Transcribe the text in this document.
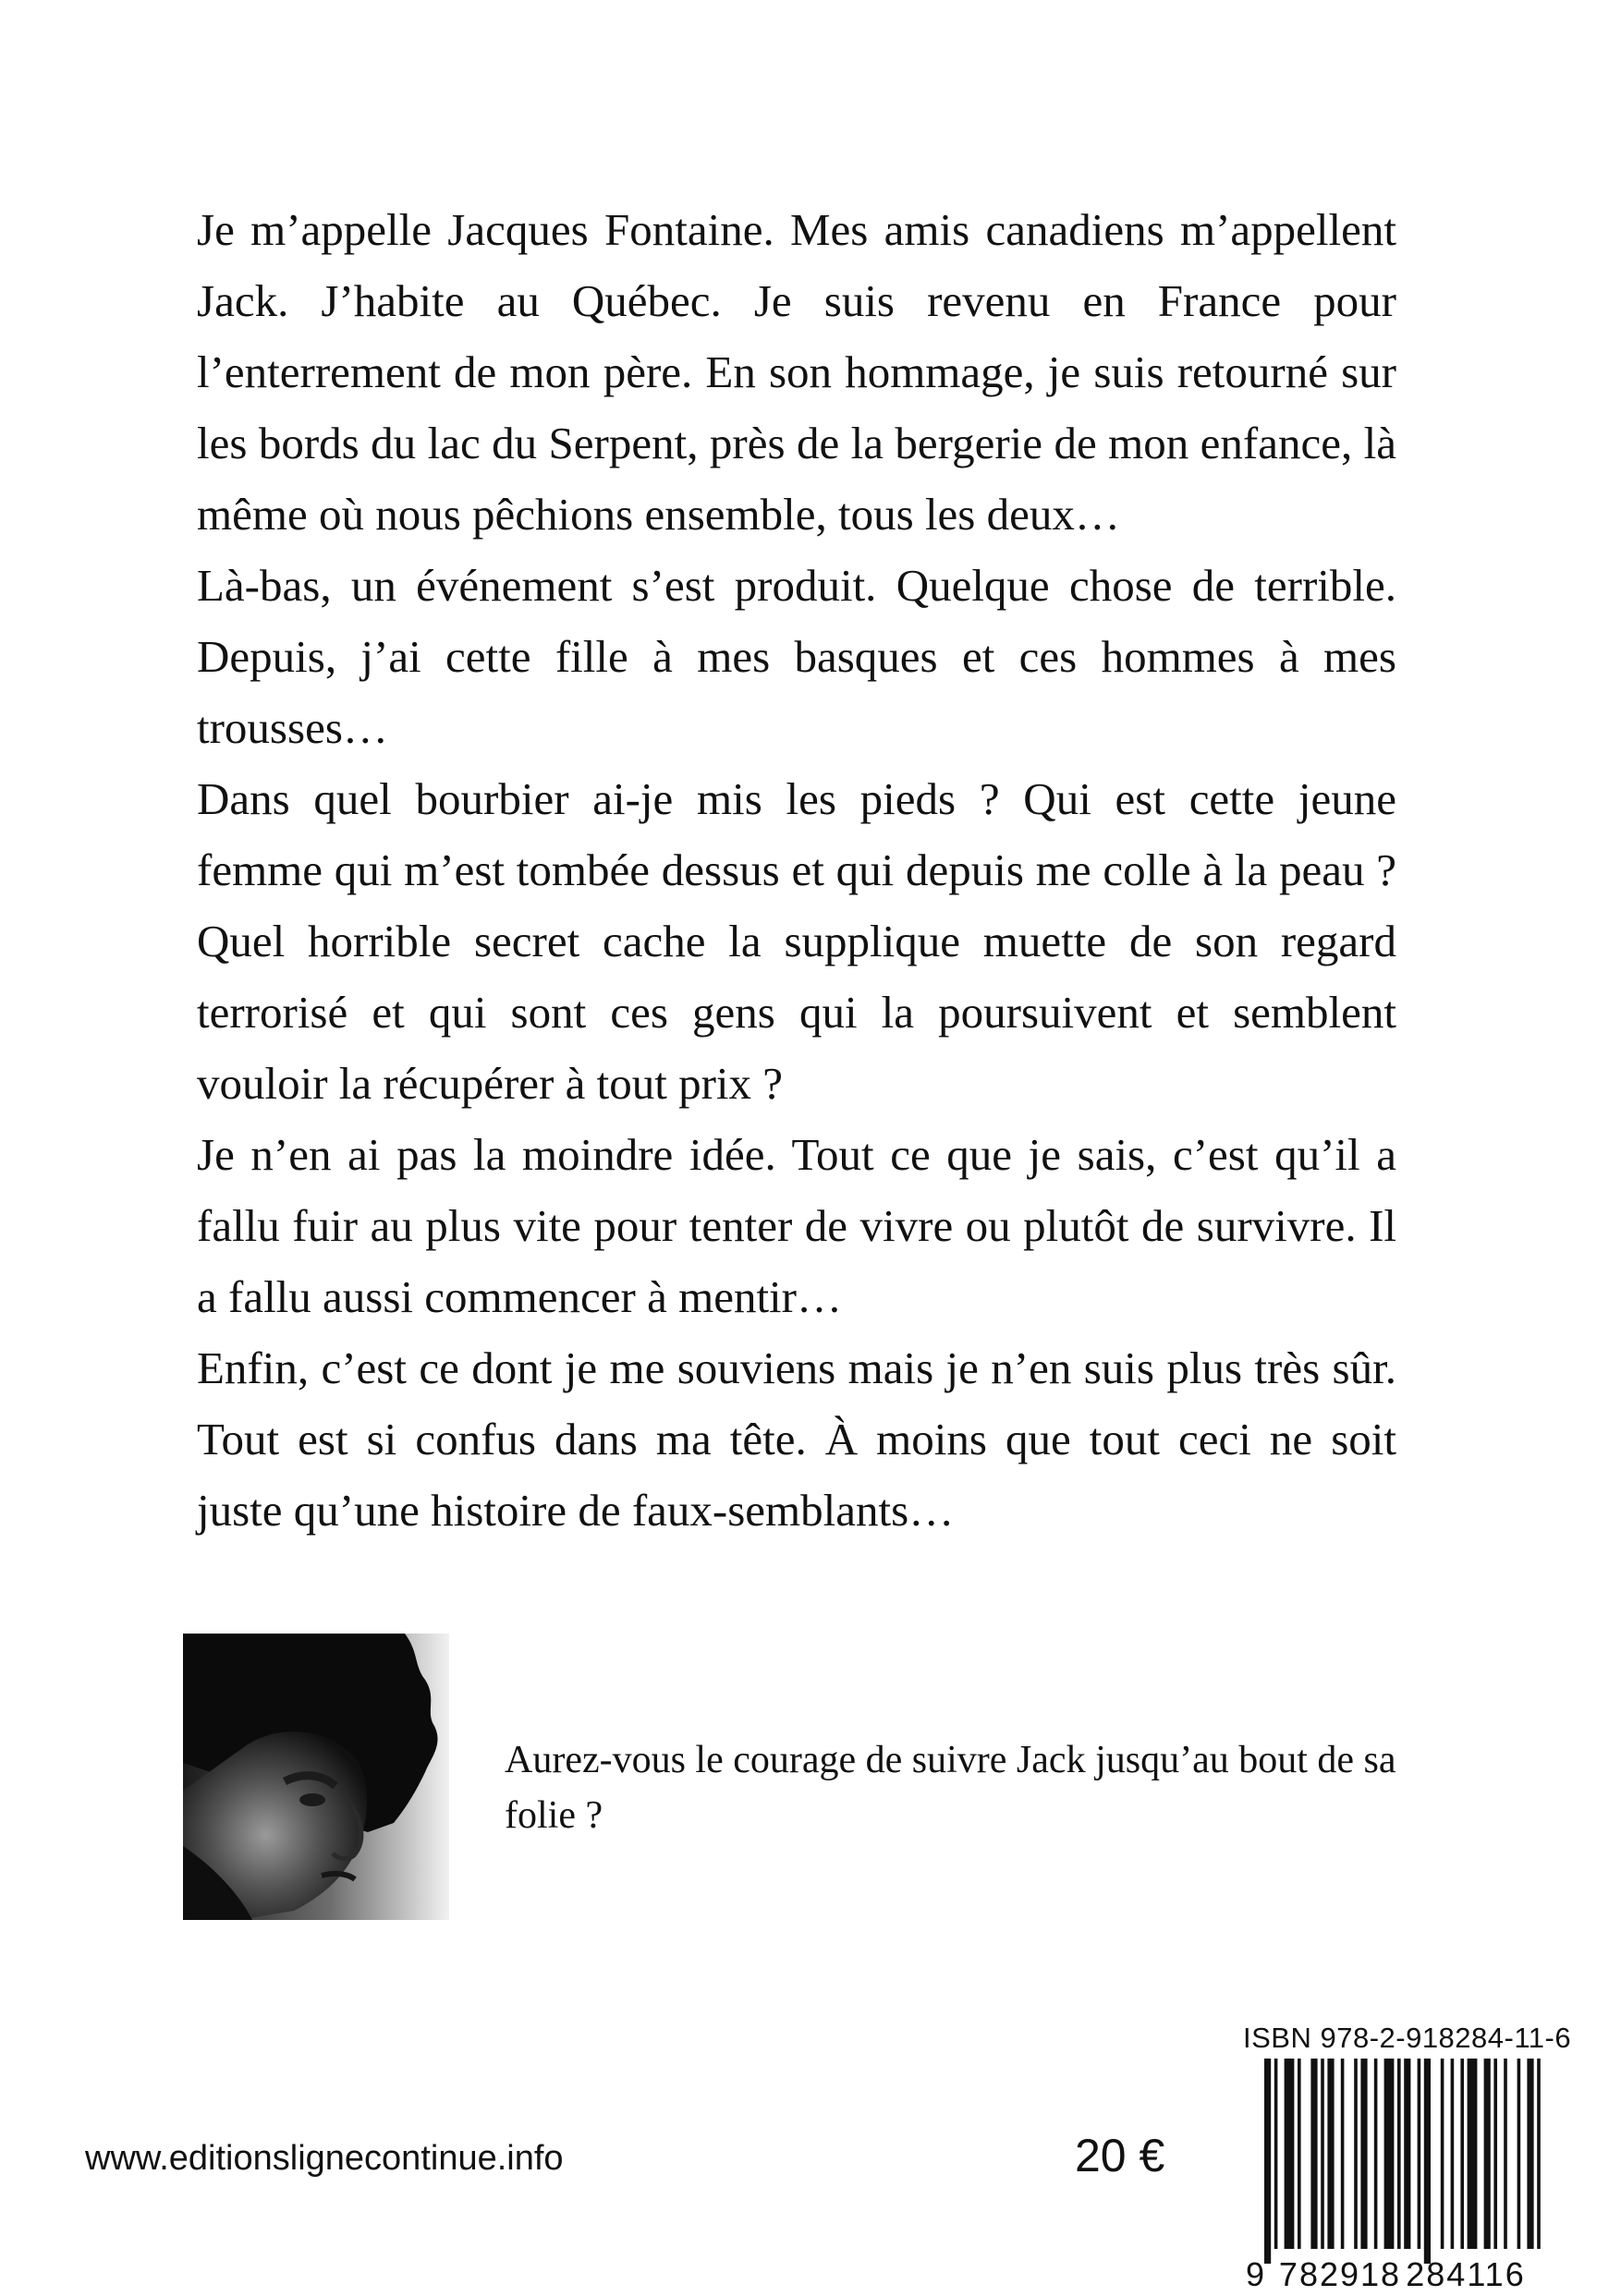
Je m’appelle Jacques Fontaine. Mes amis canadiens m’appellent Jack. J’habite au Québec. Je suis revenu en France pour l’enterrement de mon père. En son hommage, je suis retourné sur les bords du lac du Serpent, près de la bergerie de mon enfance, là même où nous pêchions ensemble, tous les deux…

Là-bas, un événement s’est produit. Quelque chose de terrible. Depuis, j’ai cette fille à mes basques et ces hommes à mes trousses…

Dans quel bourbier ai-je mis les pieds ? Qui est cette jeune femme qui m’est tombée dessus et qui depuis me colle à la peau ? Quel horrible secret cache la supplique muette de son regard terrorisé et qui sont ces gens qui la poursuivent et semblent vouloir la récupérer à tout prix ?

Je n’en ai pas la moindre idée. Tout ce que je sais, c’est qu’il a fallu fuir au plus vite pour tenter de vivre ou plutôt de survivre. Il a fallu aussi commencer à mentir…

Enfin, c’est ce dont je me souviens mais je n’en suis plus très sûr. Tout est si confus dans ma tête. À moins que tout ceci ne soit juste qu’une histoire de faux-semblants…

Aurez-vous le courage de suivre Jack jusqu’au bout de sa folie ?

ISBN 978-2-918284-11-6
9 782918 284116
www.editionslignecontinue.info	20 €
